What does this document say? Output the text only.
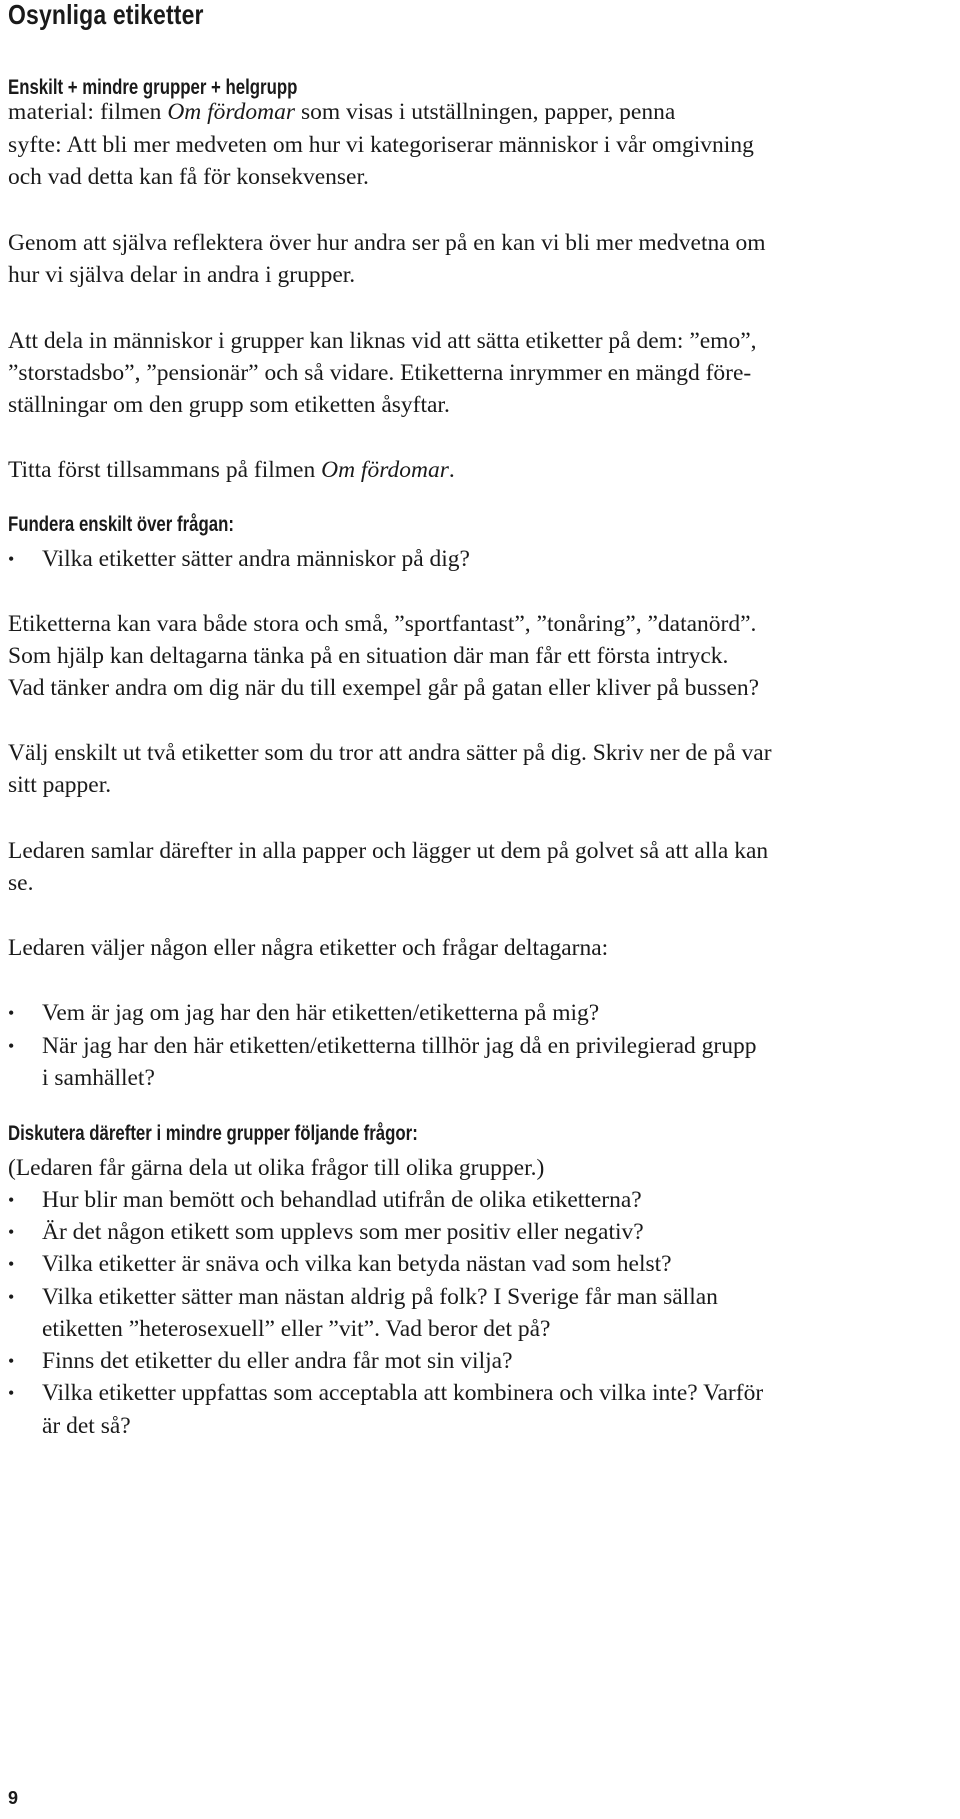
Osynliga etiketter
Enskilt + mindre grupper + helgrupp
material: filmen Om fördomar som visas i utställningen, papper, penna
syfte: Att bli mer medveten om hur vi kategoriserar människor i vår omgivning
och vad detta kan få för konsekvenser.
Genom att själva reflektera över hur andra ser på en kan vi bli mer medvetna om
hur vi själva delar in andra i grupper.
Att dela in människor i grupper kan liknas vid att sätta etiketter på dem: ”emo”,
”storstadsbo”, ”pensionär” och så vidare. Etiketterna inrymmer en mängd före-
ställningar om den grupp som etiketten åsyftar.
Titta först tillsammans på filmen Om fördomar.
Fundera enskilt över frågan:
• Vilka etiketter sätter andra människor på dig?
Etiketterna kan vara både stora och små, ”sportfantast”, ”tonåring”, ”datanörd”.
Som hjälp kan deltagarna tänka på en situation där man får ett första intryck.
Vad tänker andra om dig när du till exempel går på gatan eller kliver på bussen?
Välj enskilt ut två etiketter som du tror att andra sätter på dig. Skriv ner de på var
sitt papper.
Ledaren samlar därefter in alla papper och lägger ut dem på golvet så att alla kan
se.
Ledaren väljer någon eller några etiketter och frågar deltagarna:
• Vem är jag om jag har den här etiketten/etiketterna på mig?
• När jag har den här etiketten/etiketterna tillhör jag då en privilegierad grupp
i samhället?
Diskutera därefter i mindre grupper följande frågor:
(Ledaren får gärna dela ut olika frågor till olika grupper.)
• Hur blir man bemött och behandlad utifrån de olika etiketterna?
• Är det någon etikett som upplevs som mer positiv eller negativ?
• Vilka etiketter är snäva och vilka kan betyda nästan vad som helst?
• Vilka etiketter sätter man nästan aldrig på folk? I Sverige får man sällan
etiketten ”heterosexuell” eller ”vit”. Vad beror det på?
• Finns det etiketter du eller andra får mot sin vilja?
• Vilka etiketter uppfattas som acceptabla att kombinera och vilka inte? Varför
är det så?
9
